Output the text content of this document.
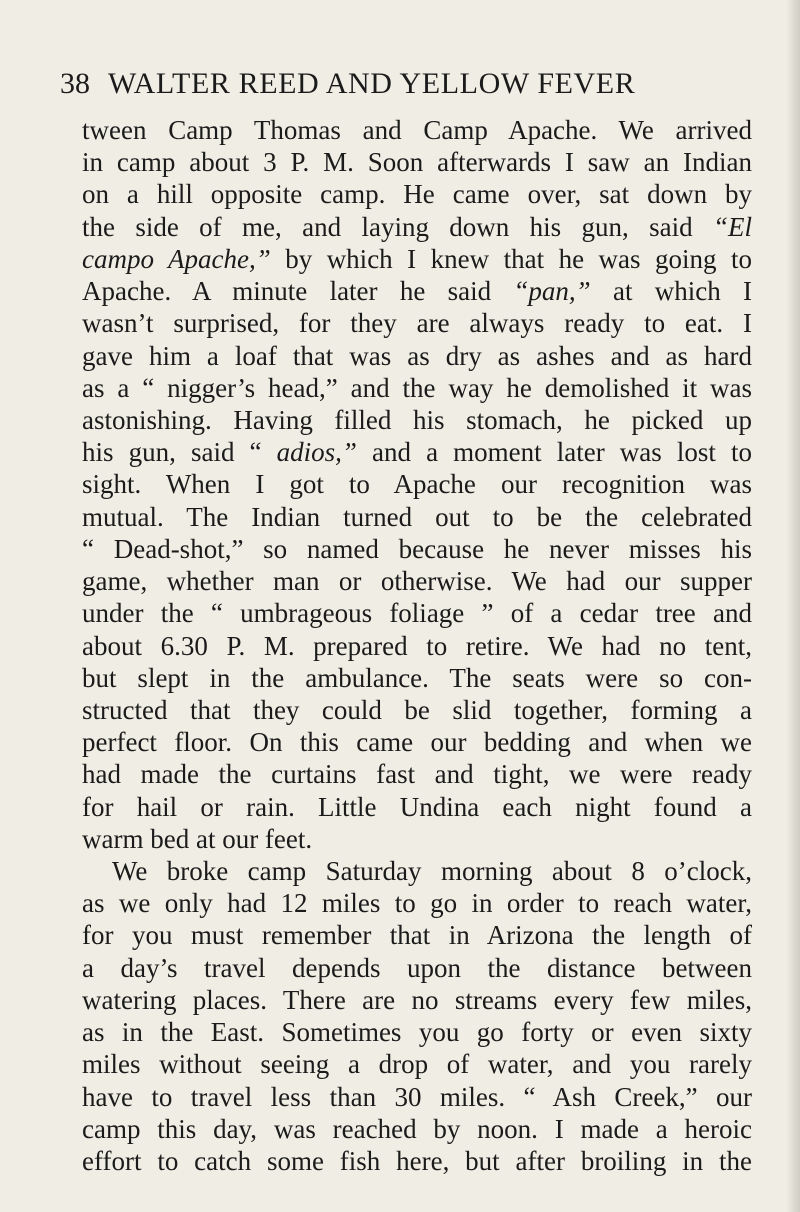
38 WALTER REED AND YELLOW FEVER
tween Camp Thomas and Camp Apache. We arrived
in camp about 3 P. M. Soon afterwards I saw an Indian
on a hill opposite camp. He came over, sat down by
the side of me, and laying down his gun, said “El
campo Apache,” by which I knew that he was going to
Apache. A minute later he said “pan,” at which I
wasn’t surprised, for they are always ready to eat. I
gave him a loaf that was as dry as ashes and as hard
as a “ nigger’s head,” and the way he demolished it was
astonishing. Having filled his stomach, he picked up
his gun, said “ adios,” and a moment later was lost to
sight. When I got to Apache our recognition was
mutual. The Indian turned out to be the celebrated
“ Dead-shot,” so named because he never misses his
game, whether man or otherwise. We had our supper
under the “ umbrageous foliage ” of a cedar tree and
about 6.30 P. M. prepared to retire. We had no tent,
but slept in the ambulance. The seats were so con-
structed that they could be slid together, forming a
perfect floor. On this came our bedding and when we
had made the curtains fast and tight, we were ready
for hail or rain. Little Undina each night found a
warm bed at our feet.
We broke camp Saturday morning about 8 o’clock,
as we only had 12 miles to go in order to reach water,
for you must remember that in Arizona the length of
a day’s travel depends upon the distance between
watering places. There are no streams every few miles,
as in the East. Sometimes you go forty or even sixty
miles without seeing a drop of water, and you rarely
have to travel less than 30 miles. “ Ash Creek,” our
camp this day, was reached by noon. I made a heroic
effort to catch some fish here, but after broiling in the
